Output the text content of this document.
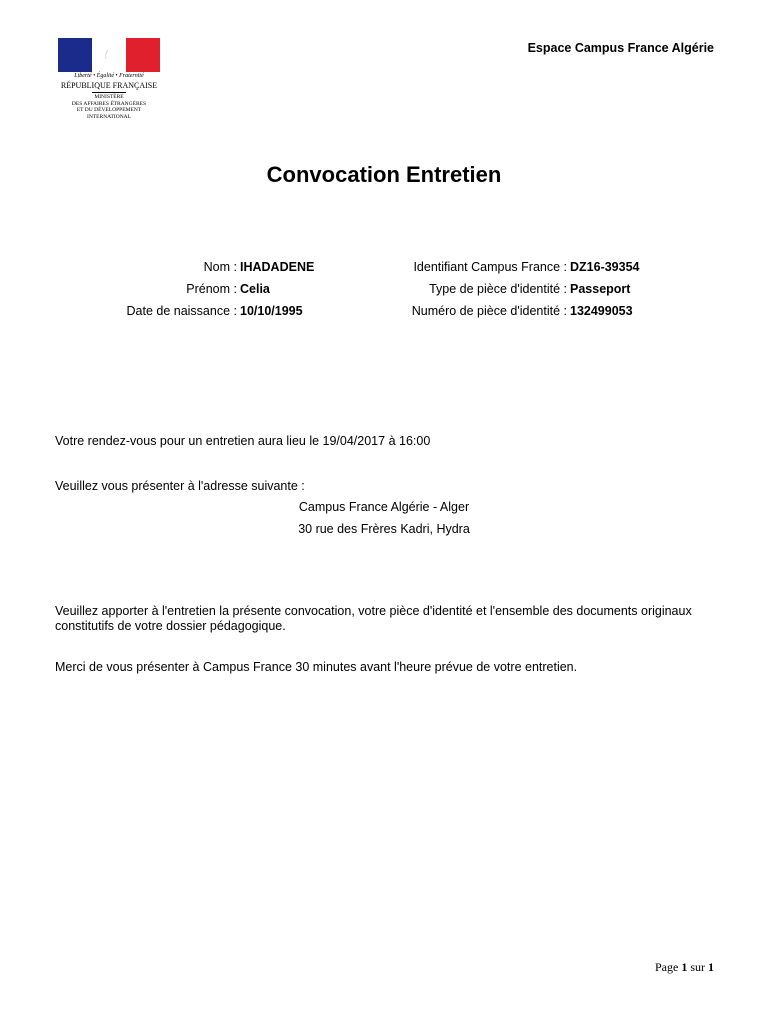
Liberté • Égalité • Fraternité
RÉPUBLIQUE FRANÇAISE
MINISTÈRE
DES AFFAIRES ÉTRANGÈRES
ET DU DÉVELOPPEMENT
INTERNATIONAL
Espace Campus France Algérie
Convocation Entretien
Nom : IHADADENE
Prénom : Celia
Date de naissance : 10/10/1995
Identifiant Campus France : DZ16-39354
Type de pièce d'identité : Passeport
Numéro de pièce d'identité : 132499053
Votre rendez-vous pour un entretien aura lieu le 19/04/2017 à 16:00
Veuillez vous présenter à l'adresse suivante :
Campus France Algérie - Alger
30 rue des Frères Kadri, Hydra
Veuillez apporter à l'entretien la présente convocation, votre pièce d'identité et l'ensemble des documents originaux constitutifs de votre dossier pédagogique.
Merci de vous présenter à Campus France 30 minutes avant l'heure prévue de votre entretien.
Page 1 sur 1
